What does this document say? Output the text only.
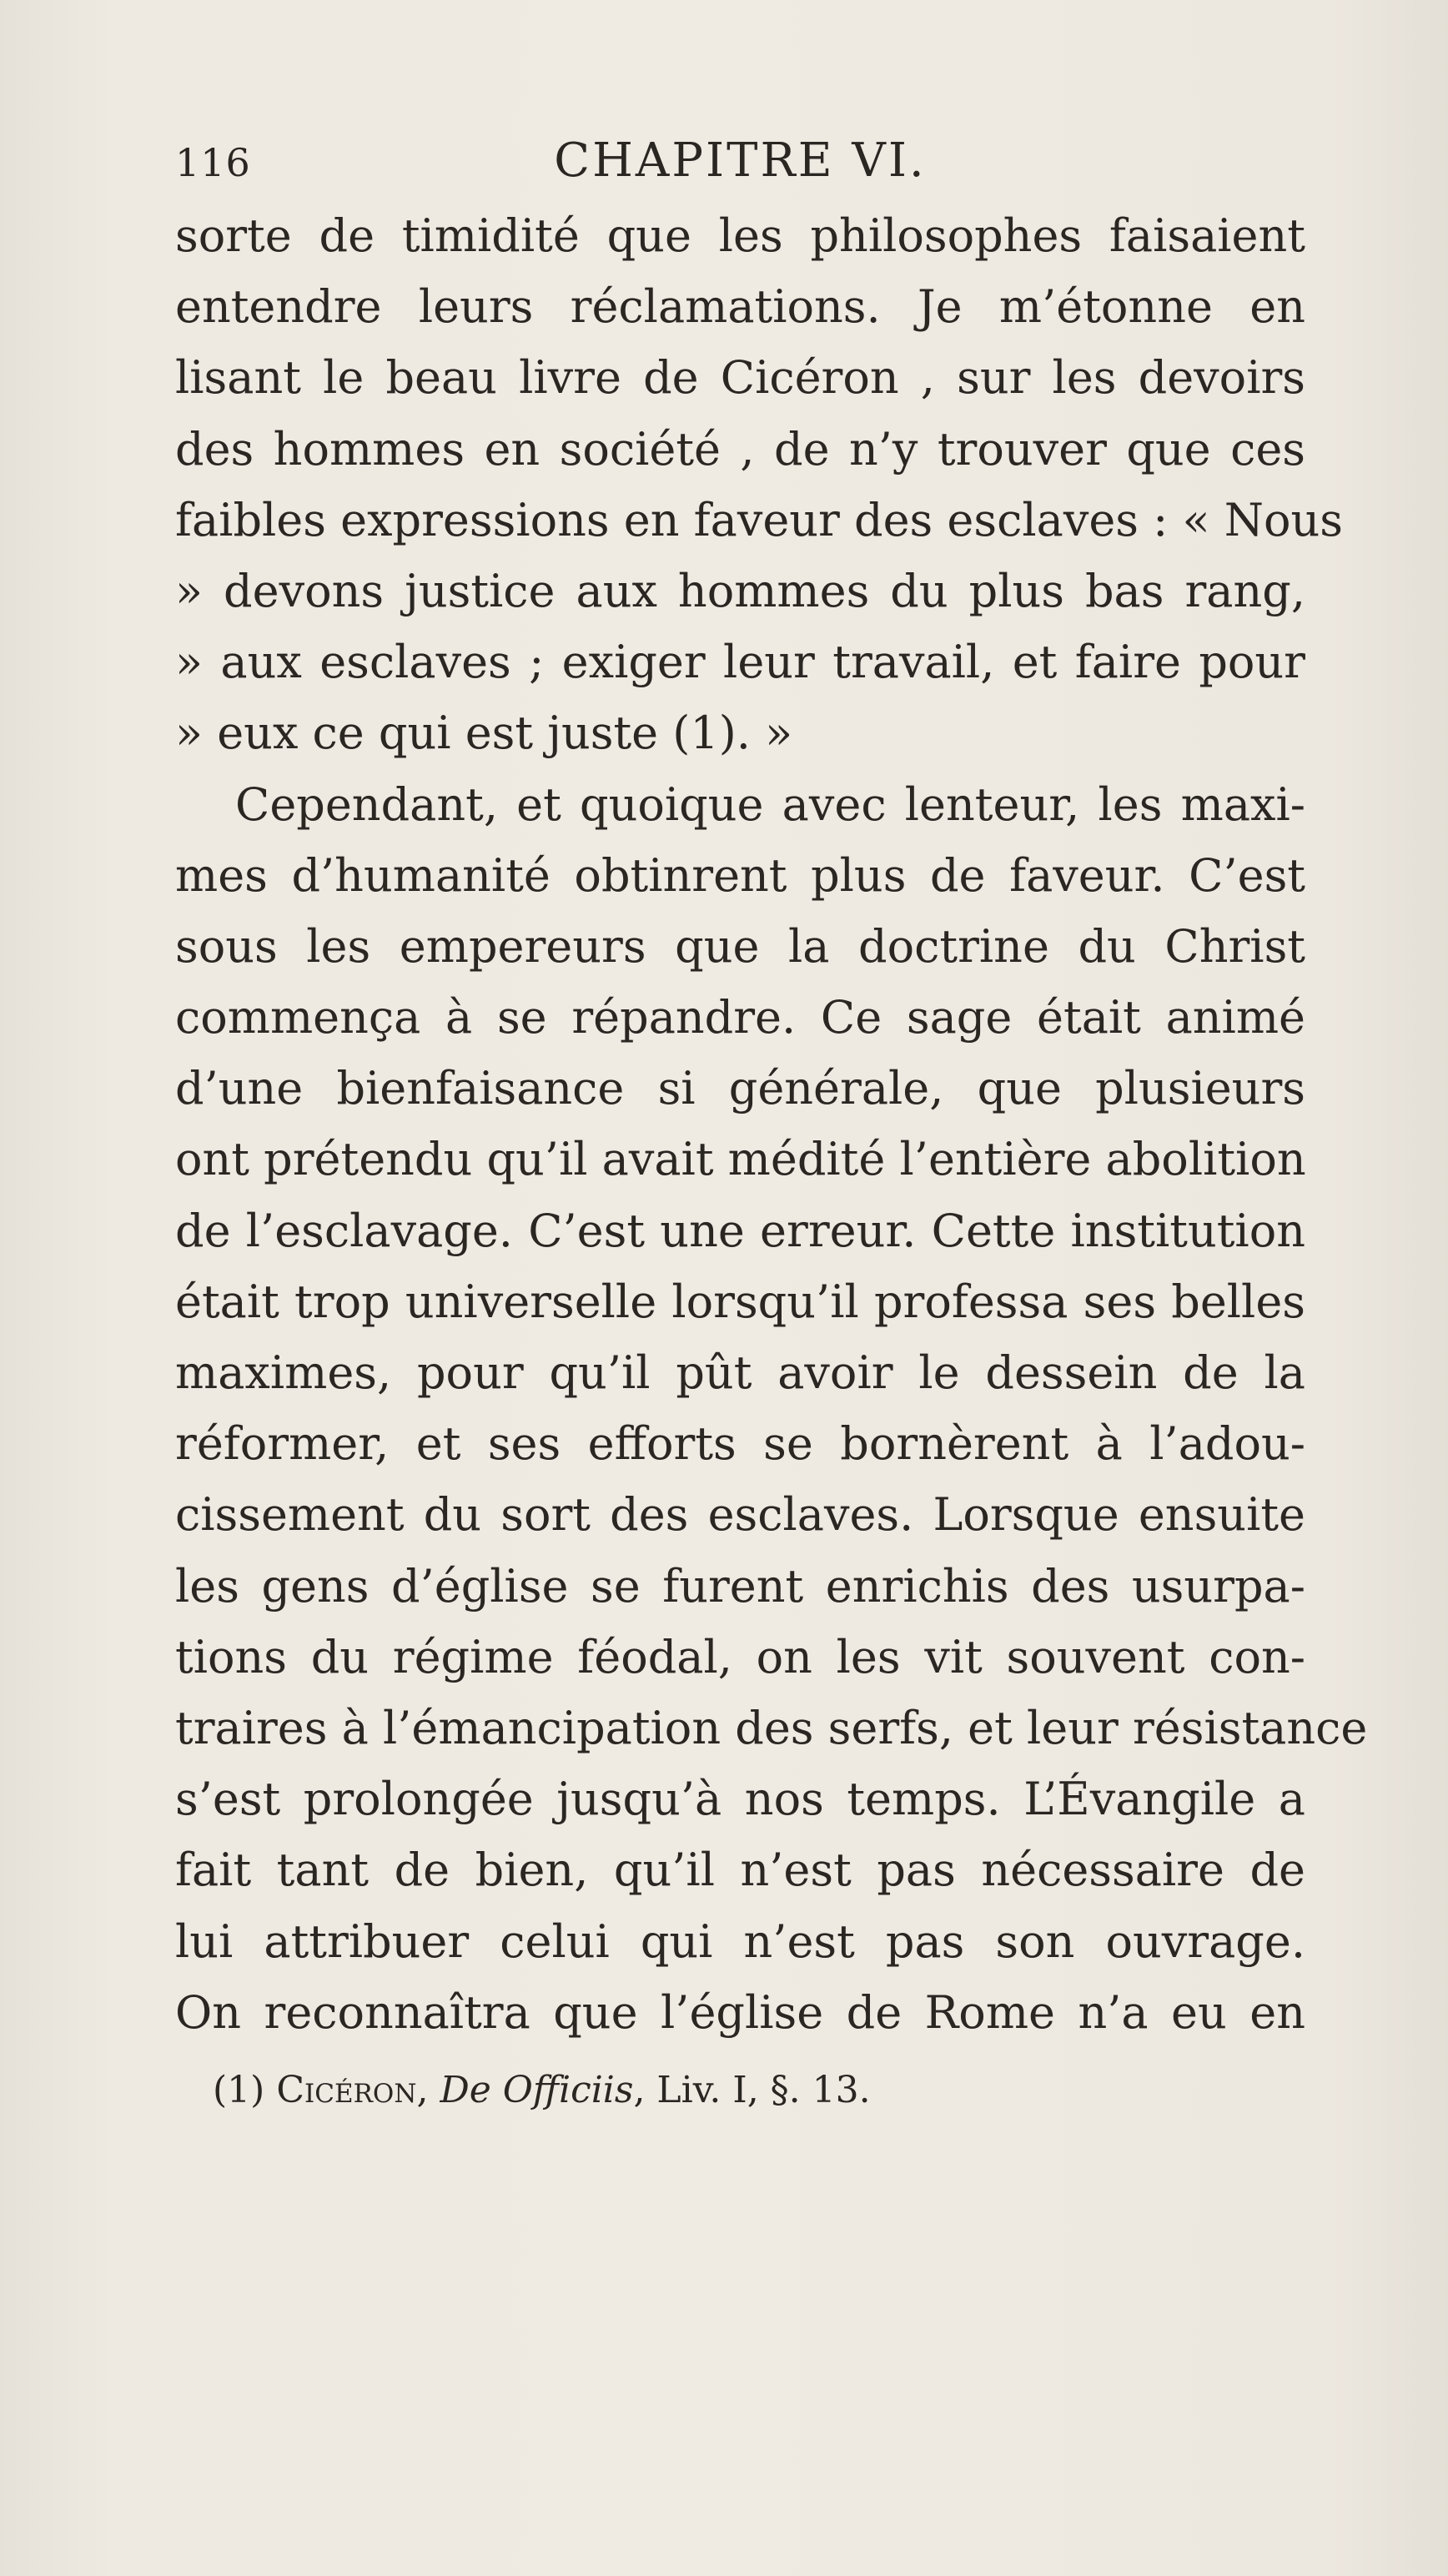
116	CHAPITRE VI.
sorte de timidité que les philosophes faisaient
entendre leurs réclamations. Je m’étonne en
lisant le beau livre de Cicéron , sur les devoirs
des hommes en société , de n’y trouver que ces
faibles expressions en faveur des esclaves : « Nous
» devons justice aux hommes du plus bas rang,
» aux esclaves ; exiger leur travail, et faire pour
» eux ce qui est juste (1). »
Cependant, et quoique avec lenteur, les maxi-
mes d’humanité obtinrent plus de faveur. C’est
sous les empereurs que la doctrine du Christ
commença à se répandre. Ce sage était animé
d’une bienfaisance si générale, que plusieurs
ont prétendu qu’il avait médité l’entière abolition
de l’esclavage. C’est une erreur. Cette institution
était trop universelle lorsqu’il professa ses belles
maximes, pour qu’il pût avoir le dessein de la
réformer, et ses efforts se bornèrent à l’adou-
cissement du sort des esclaves. Lorsque ensuite
les gens d’église se furent enrichis des usurpa-
tions du régime féodal, on les vit souvent con-
traires à l’émancipation des serfs, et leur résistance
s’est prolongée jusqu’à nos temps. L’Évangile a
fait tant de bien, qu’il n’est pas nécessaire de
lui attribuer celui qui n’est pas son ouvrage.
On reconnaîtra que l’église de Rome n’a eu en
(1) Cicéron, De Officiis, Liv. I, §. 13.
